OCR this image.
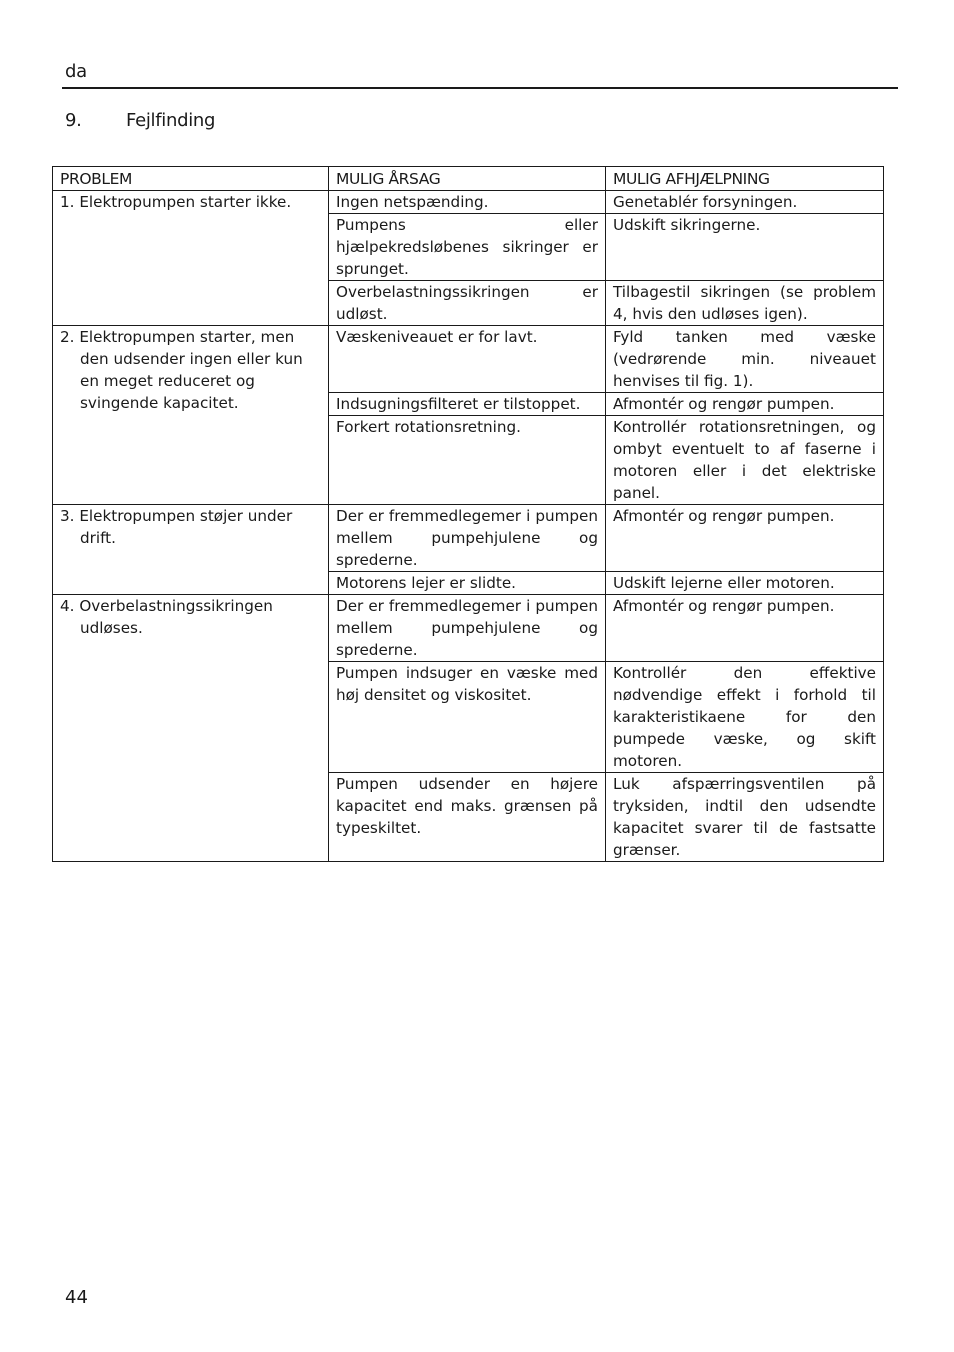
da
9. Fejlfinding
PROBLEM	MULIG ÅRSAG	MULIG AFHJÆLPNING

1. Elektropumpen starter ikke.	Ingen netspænding.	Genetablér forsyningen.
	Pumpens eller hjælpekredsløbenes sikringer er sprunget.	Udskift sikringerne.
	Overbelastningssikringen er udløst.	Tilbagestil sikringen (se problem 4, hvis den udløses igen).

2. Elektropumpen starter, men den udsender ingen eller kun en meget reduceret og svingende kapacitet.	Væskeniveauet er for lavt.	Fyld tanken med væske (vedrørende min. niveauet henvises til fig. 1).
	Indsugningsfilteret er tilstoppet.	Afmontér og rengør pumpen.
	Forkert rotationsretning.	Kontrollér rotationsretningen, og ombyt eventuelt to af faserne i motoren eller i det elektriske panel.

3. Elektropumpen støjer under drift.	Der er fremmedlegemer i pumpen mellem pumpehjulene og sprederne.	Afmontér og rengør pumpen.
	Motorens lejer er slidte.	Udskift lejerne eller motoren.

4. Overbelastningssikringen udløses.	Der er fremmedlegemer i pumpen mellem pumpehjulene og sprederne.	Afmontér og rengør pumpen.
	Pumpen indsuger en væske med høj densitet og viskositet.	Kontrollér den effektive nødvendige effekt i forhold til karakteristikaene for den pumpede væske, og skift motoren.
	Pumpen udsender en højere kapacitet end maks. grænsen på typeskiltet.	Luk afspærringsventilen på tryksiden, indtil den udsendte kapacitet svarer til de fastsatte grænser.
44
